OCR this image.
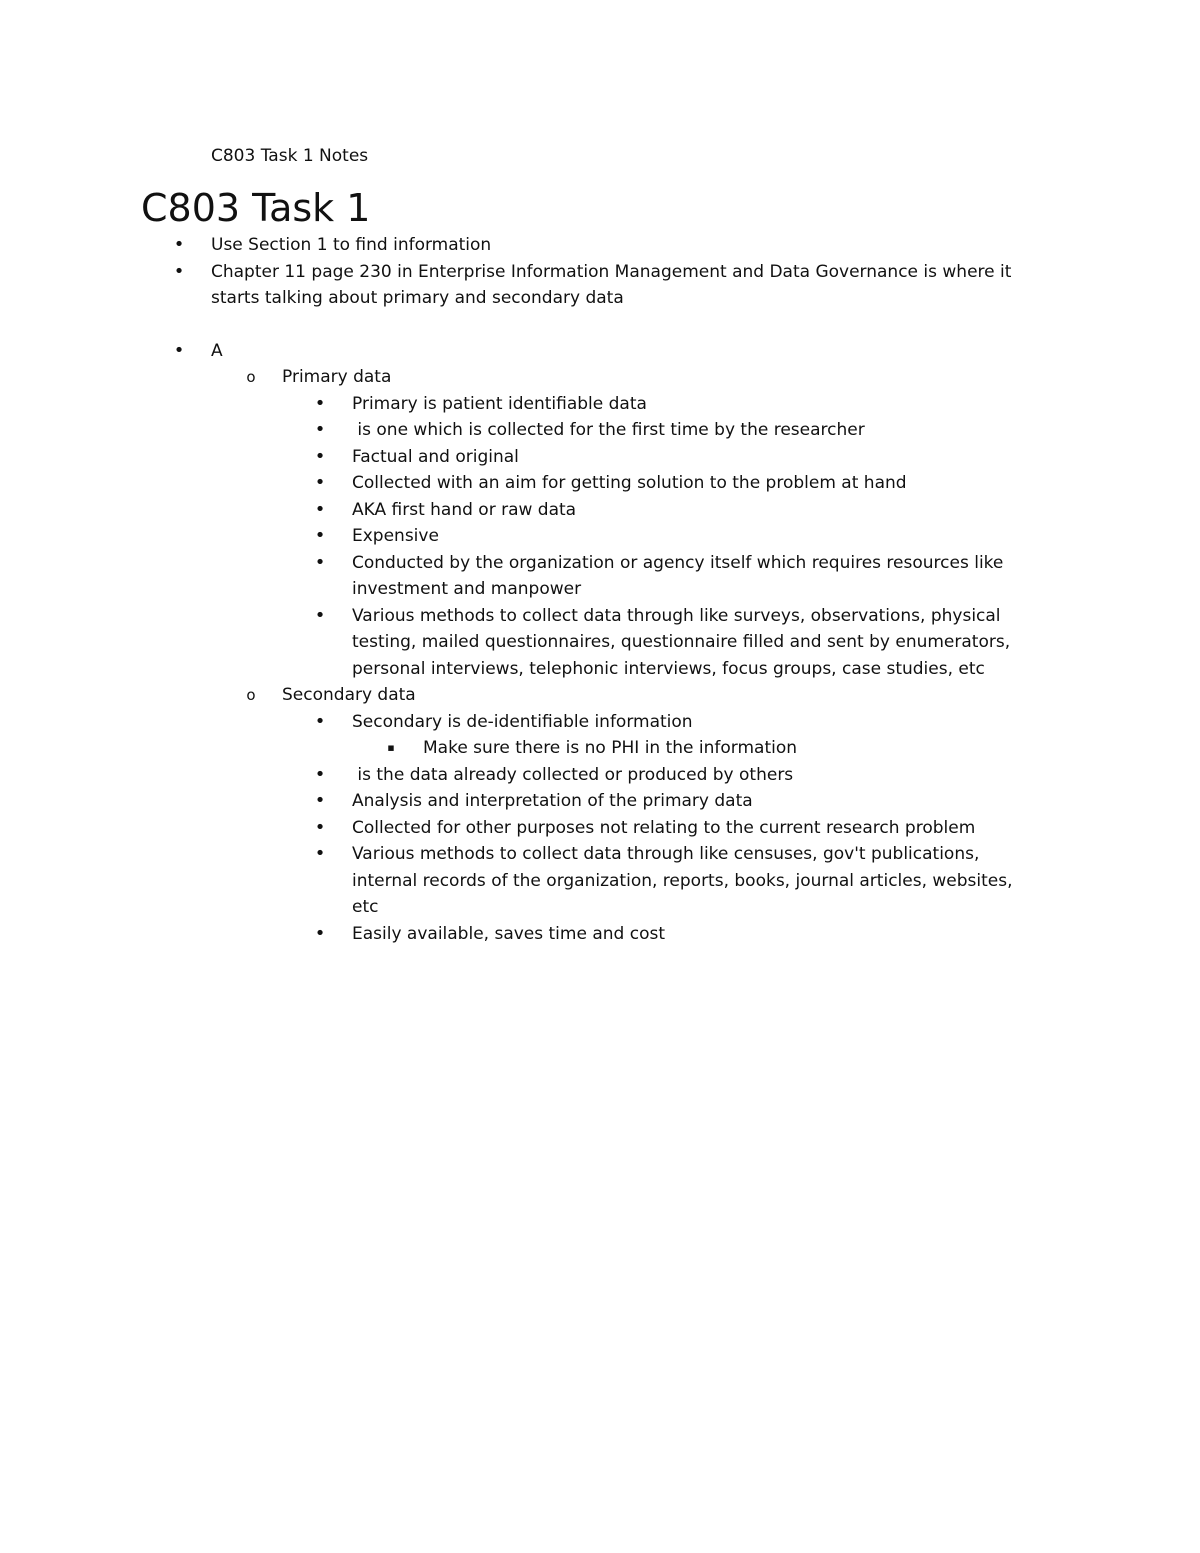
C803 Task 1 Notes
C803 Task 1
• Use Section 1 to find information
• Chapter 11 page 230 in Enterprise Information Management and Data Governance is where it starts talking about primary and secondary data
• A
o Primary data
• Primary is patient identifiable data
• is one which is collected for the first time by the researcher
• Factual and original
• Collected with an aim for getting solution to the problem at hand
• AKA first hand or raw data
• Expensive
• Conducted by the organization or agency itself which requires resources like investment and manpower
• Various methods to collect data through like surveys, observations, physical testing, mailed questionnaires, questionnaire filled and sent by enumerators, personal interviews, telephonic interviews, focus groups, case studies, etc
o Secondary data
• Secondary is de-identifiable information
▪ Make sure there is no PHI in the information
• is the data already collected or produced by others
• Analysis and interpretation of the primary data
• Collected for other purposes not relating to the current research problem
• Various methods to collect data through like censuses, gov't publications, internal records of the organization, reports, books, journal articles, websites, etc
• Easily available, saves time and cost
